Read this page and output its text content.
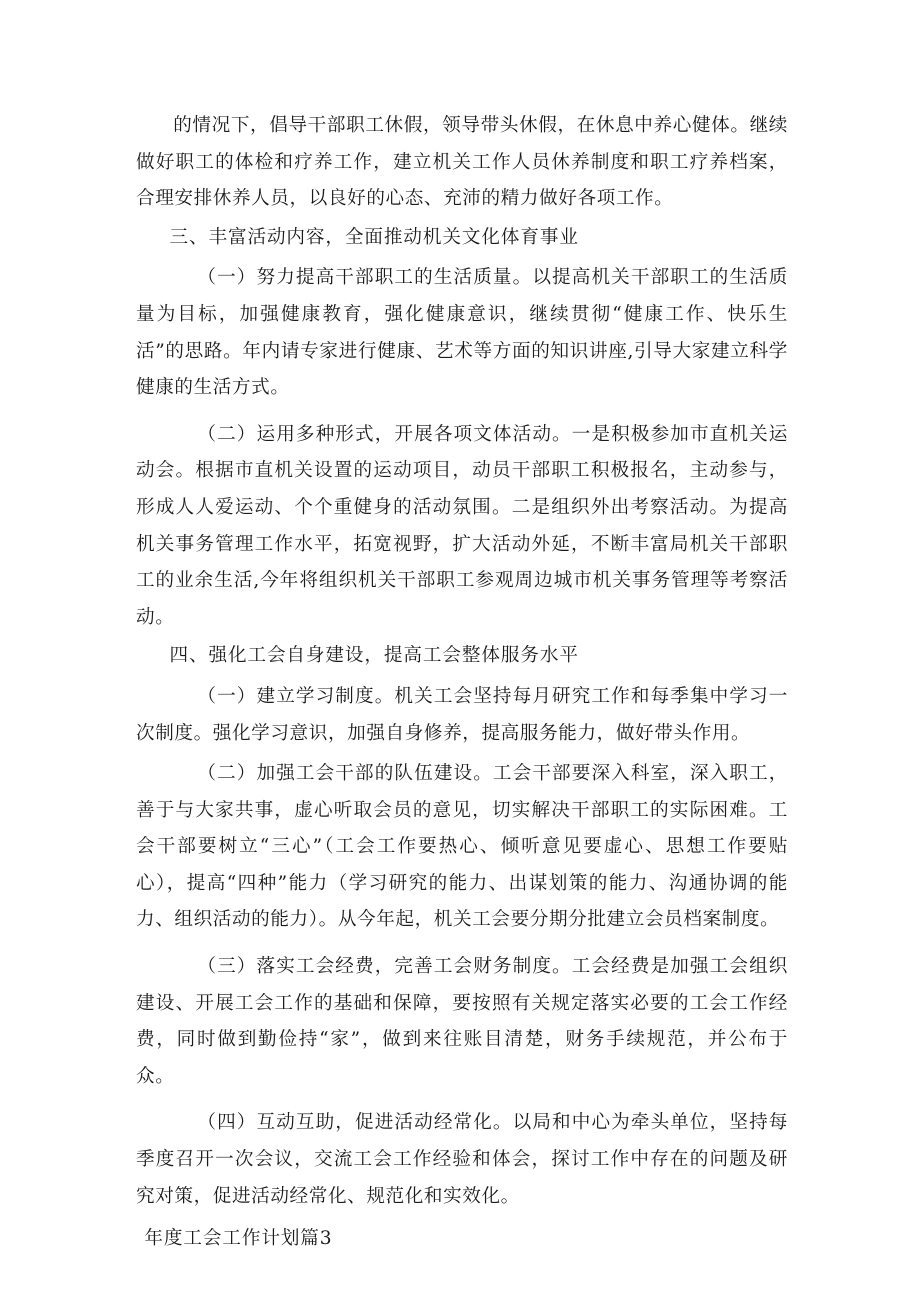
的情况下，倡导干部职工休假，领导带头休假，在休息中养心健体。继续做好职工的体检和疗养工作，建立机关工作人员休养制度和职工疗养档案，合理安排休养人员，以良好的心态、充沛的精力做好各项工作。

三、丰富活动内容，全面推动机关文化体育事业

（一）努力提高干部职工的生活质量。以提高机关干部职工的生活质量为目标，加强健康教育，强化健康意识，继续贯彻“健康工作、快乐生活”的思路。年内请专家进行健康、艺术等方面的知识讲座,引导大家建立科学健康的生活方式。

（二）运用多种形式，开展各项文体活动。一是积极参加市直机关运动会。根据市直机关设置的运动项目，动员干部职工积极报名，主动参与，形成人人爱运动、个个重健身的活动氛围。二是组织外出考察活动。为提高机关事务管理工作水平，拓宽视野，扩大活动外延，不断丰富局机关干部职工的业余生活,今年将组织机关干部职工参观周边城市机关事务管理等考察活动。

四、强化工会自身建设，提高工会整体服务水平

（一）建立学习制度。机关工会坚持每月研究工作和每季集中学习一次制度。强化学习意识，加强自身修养，提高服务能力，做好带头作用。

（二）加强工会干部的队伍建设。工会干部要深入科室，深入职工，善于与大家共事，虚心听取会员的意见，切实解决干部职工的实际困难。工会干部要树立“三心”（工会工作要热心、倾听意见要虚心、思想工作要贴心），提高“四种”能力（学习研究的能力、出谋划策的能力、沟通协调的能力、组织活动的能力）。从今年起，机关工会要分期分批建立会员档案制度。

（三）落实工会经费，完善工会财务制度。工会经费是加强工会组织建设、开展工会工作的基础和保障，要按照有关规定落实必要的工会工作经费，同时做到勤俭持“家”，做到来往账目清楚，财务手续规范，并公布于众。

（四）互动互助，促进活动经常化。以局和中心为牵头单位，坚持每季度召开一次会议，交流工会工作经验和体会，探讨工作中存在的问题及研究对策，促进活动经常化、规范化和实效化。

年度工会工作计划篇3
